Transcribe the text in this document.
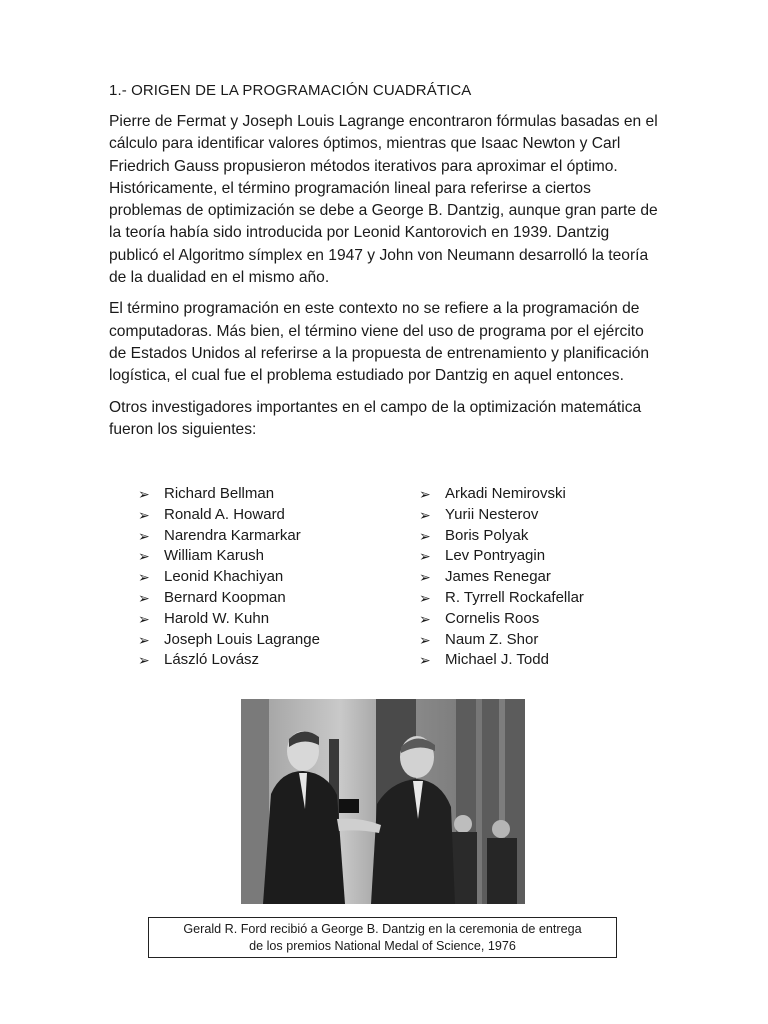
1.- ORIGEN DE LA PROGRAMACIÓN CUADRÁTICA

Pierre de Fermat y Joseph Louis Lagrange encontraron fórmulas basadas en el cálculo para identificar valores óptimos, mientras que Isaac Newton y Carl Friedrich Gauss propusieron métodos iterativos para aproximar el óptimo. Históricamente, el término programación lineal para referirse a ciertos problemas de optimización se debe a George B. Dantzig, aunque gran parte de la teoría había sido introducida por Leonid Kantorovich en 1939. Dantzig publicó el Algoritmo símplex en 1947 y John von Neumann desarrolló la teoría de la dualidad en el mismo año.

El término programación en este contexto no se refiere a la programación de computadoras. Más bien, el término viene del uso de programa por el ejército de Estados Unidos al referirse a la propuesta de entrenamiento y planificación logística, el cual fue el problema estudiado por Dantzig en aquel entonces.

Otros investigadores importantes en el campo de la optimización matemática fueron los siguientes:

➢ Richard Bellman
➢ Ronald A. Howard
➢ Narendra Karmarkar
➢ William Karush
➢ Leonid Khachiyan
➢ Bernard Koopman
➢ Harold W. Kuhn
➢ Joseph Louis Lagrange
➢ László Lovász
➢ Arkadi Nemirovski
➢ Yurii Nesterov
➢ Boris Polyak
➢ Lev Pontryagin
➢ James Renegar
➢ R. Tyrrell Rockafellar
➢ Cornelis Roos
➢ Naum Z. Shor
➢ Michael J. Todd
Gerald R. Ford recibió a George B. Dantzig en la ceremonia de entrega
de los premios National Medal of Science, 1976
